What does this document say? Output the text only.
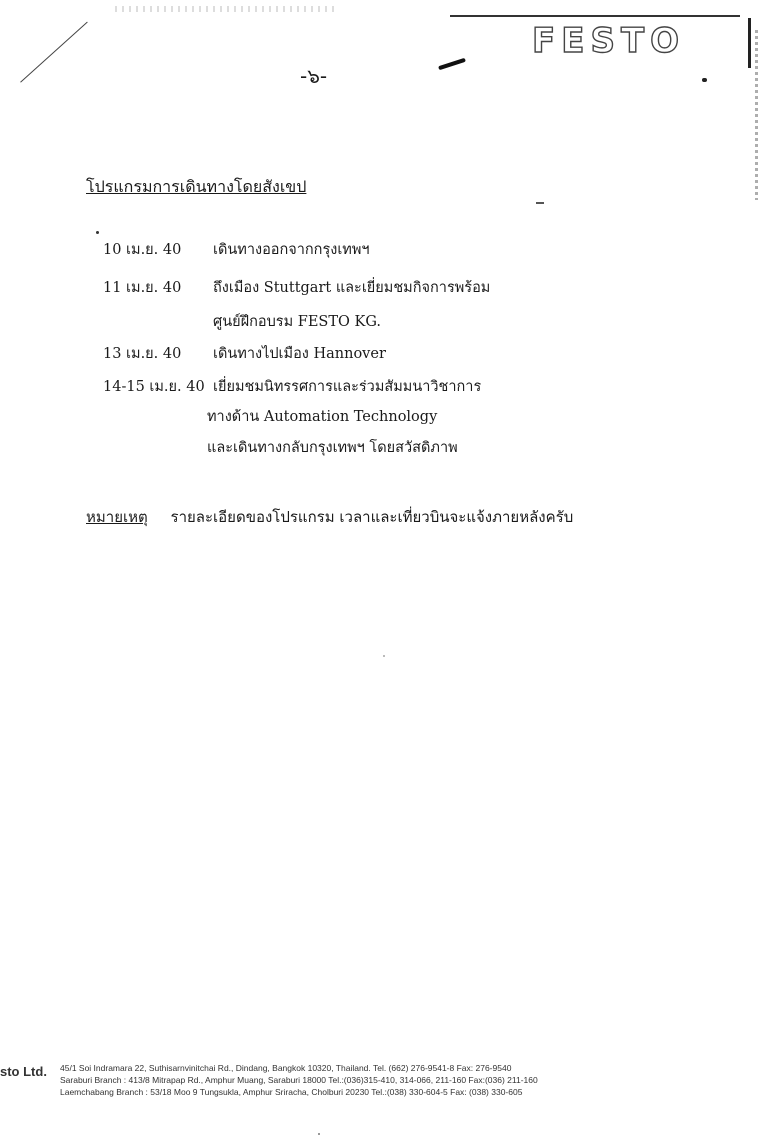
FESTO

-๖-

โปรแกรมการเดินทางโดยสังเขป
10 เม.ย. 40 เดินทางออกจากกรุงเทพฯ
11 เม.ย. 40 ถึงเมือง Stuttgart และเยี่ยมชมกิจการพร้อม
ศูนย์ฝึกอบรม FESTO KG.
13 เม.ย. 40 เดินทางไปเมือง Hannover
14-15 เม.ย. 40 เยี่ยมชมนิทรรศการและร่วมสัมมนาวิชาการ
ทางด้าน Automation Technology
และเดินทางกลับกรุงเทพฯ โดยสวัสดิภาพ
หมายเหตุ รายละเอียดของโปรแกรม เวลาและเที่ยวบินจะแจ้งภายหลังครับ
sto Ltd. 45/1 Soi Indramara 22, Suthisarnvinitchai Rd., Dindang, Bangkok 10320, Thailand. Tel. (662) 276-9541-8 Fax: 276-9540
Saraburi Branch : 413/8 Mitrapap Rd., Amphur Muang, Saraburi 18000 Tel.:(036)315-410, 314-066, 211-160 Fax:(036) 211-160
Laemchabang Branch : 53/18 Moo 9 Tungsukla, Amphur Sriracha, Cholburi 20230 Tel.:(038) 330-604-5 Fax: (038) 330-605
